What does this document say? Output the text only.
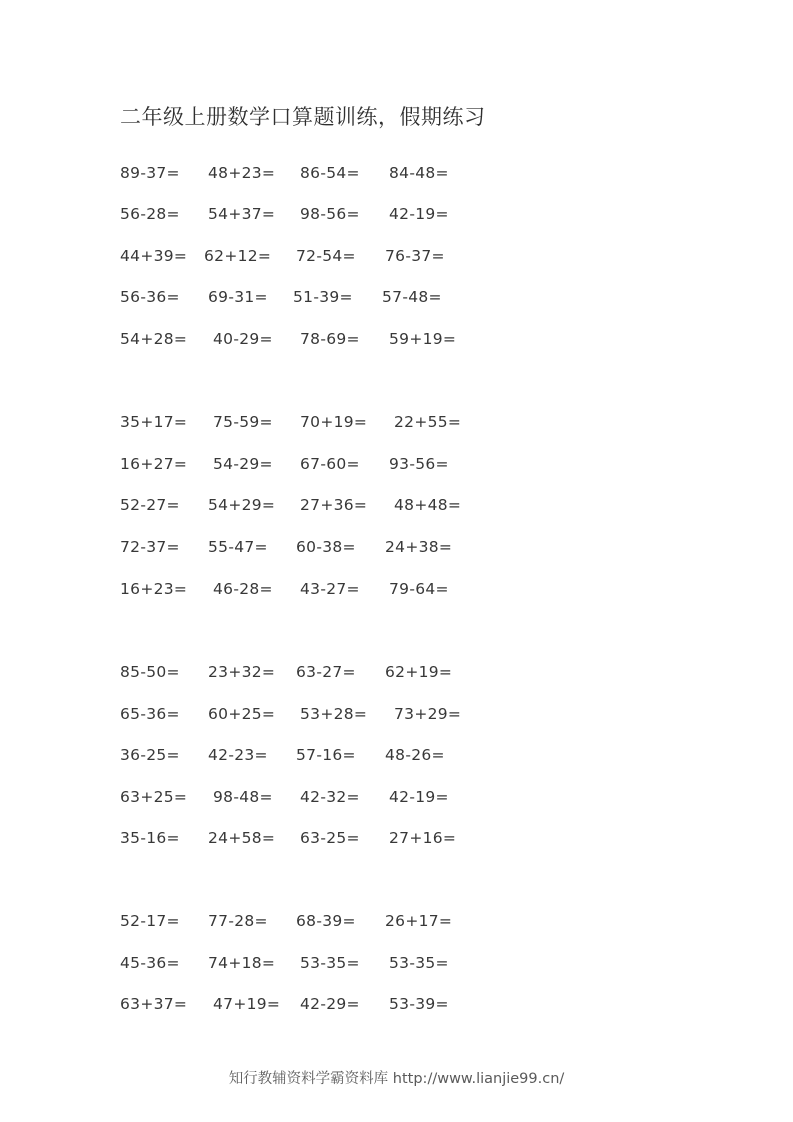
二年级上册数学口算题训练，假期练习
89-37= 48+23= 86-54= 84-48=
56-28= 54+37= 98-56= 42-19=
44+39= 62+12= 72-54= 76-37=
56-36= 69-31= 51-39= 57-48=
54+28= 40-29= 78-69= 59+19=
35+17= 75-59= 70+19= 22+55=
16+27= 54-29= 67-60= 93-56=
52-27= 54+29= 27+36= 48+48=
72-37= 55-47= 60-38= 24+38=
16+23= 46-28= 43-27= 79-64=
85-50= 23+32= 63-27= 62+19=
65-36= 60+25= 53+28= 73+29=
36-25= 42-23= 57-16= 48-26=
63+25= 98-48= 42-32= 42-19=
35-16= 24+58= 63-25= 27+16=
52-17= 77-28= 68-39= 26+17=
45-36= 74+18= 53-35= 53-35=
63+37= 47+19= 42-29= 53-39=
知行教辅资料学霸资料库 http://www.lianjie99.cn/
